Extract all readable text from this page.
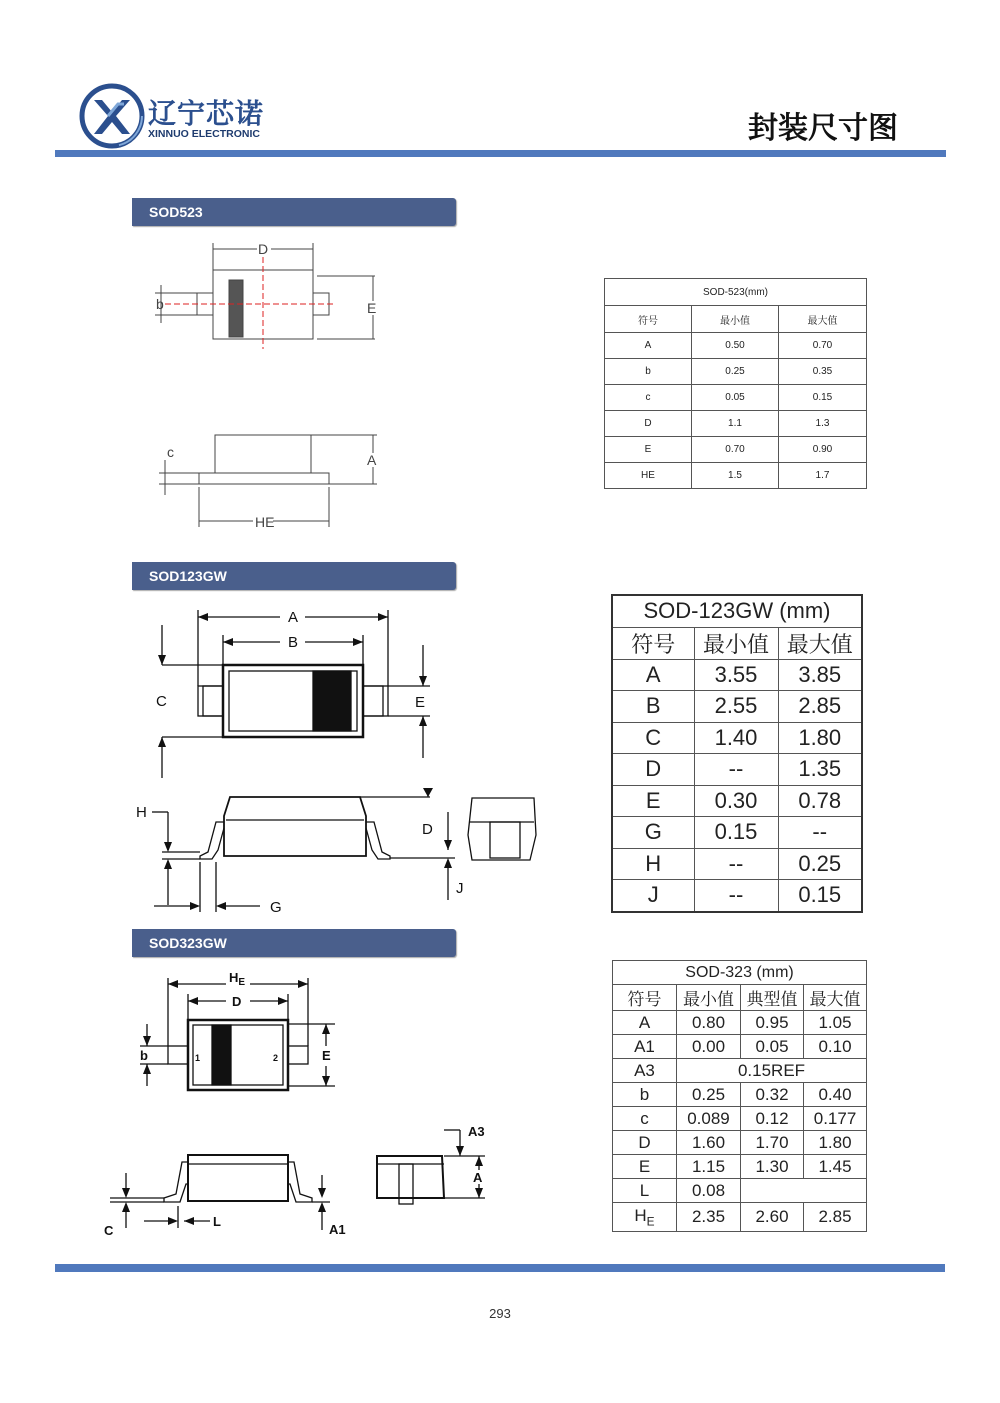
辽宁芯诺
XINNUO ELECTRONIC	封装尺寸图
SOD523
D
E
b
c	A
HE
SOD-523(mm)		
符号	最小值	最大值
A	0.50	0.70
b	0.25	0.35
c	0.05	0.15
D	1.1	1.3
E	0.70	0.90
HE	1.5	1.7
SOD123GW
A
B
C	E
H
D
G
J
SOD-123GW (mm)		
符号	最小值	最大值
A	3.55	3.85
B	2.55	2.85
C	1.40	1.80
D	--	1.35
E	0.30	0.78
G	0.15	--
H	--	0.25
J	--	0.15
SOD323GW
$H_E$
D
E
b	1	2
C
L
A1
A3
A
SOD-323 (mm)			
符号	最小值	典型值	最大值
A	0.80	0.95	1.05
A1	0.00	0.05	0.10
A3	0.15REF		
b	0.25	0.32	0.40
c	0.089	0.12	0.177
D	1.60	1.70	1.80
E	1.15	1.30	1.45
L	0.08		
$H_E$	2.35	2.60	2.85
293
